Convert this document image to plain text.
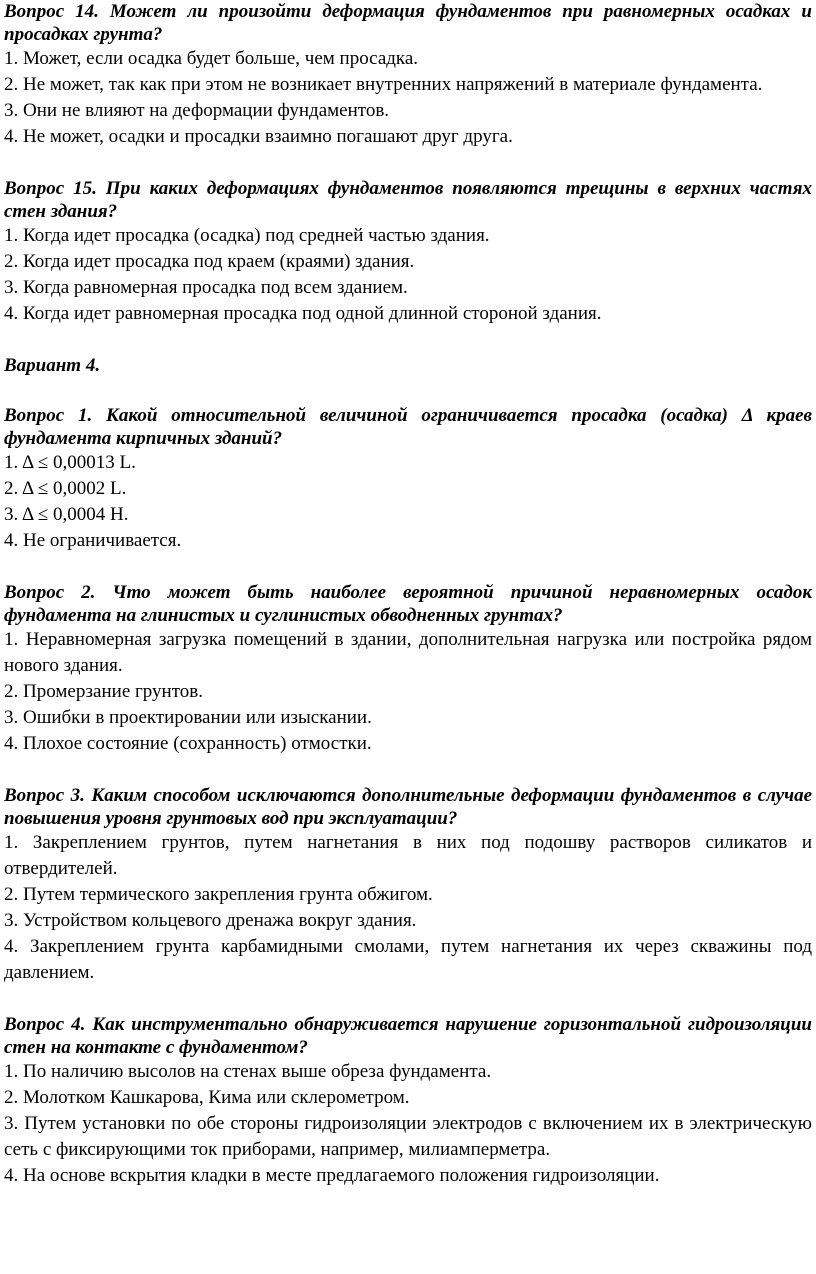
Вопрос 14. Может ли произойти деформация фундаментов при равномерных осадках и просадках грунта?

1. Может, если осадка будет больше, чем просадка.

2. Не может, так как при этом не возникает внутренних напряжений в материале фундамента.

3. Они не влияют на деформации фундаментов.

4. Не может, осадки и просадки взаимно погашают друг друга.

Вопрос 15. При каких деформациях фундаментов появляются трещины в верхних частях стен здания?

1. Когда идет просадка (осадка) под средней частью здания.

2. Когда идет просадка под краем (краями) здания.

3. Когда равномерная просадка под всем зданием.

4. Когда идет равномерная просадка под одной длинной стороной здания.

Вариант 4.

Вопрос 1. Какой относительной величиной ограничивается просадка (осадка) Δ краев фундамента кирпичных зданий?

1. Δ ≤ 0,00013 L.

2. Δ ≤ 0,0002 L.

3. Δ ≤ 0,0004 H.

4. Не ограничивается.

Вопрос 2. Что может быть наиболее вероятной причиной неравномерных осадок фундамента на глинистых и суглинистых обводненных грунтах?

1. Неравномерная загрузка помещений в здании, дополнительная нагрузка или постройка рядом нового здания.

2. Промерзание грунтов.

3. Ошибки в проектировании или изыскании.

4. Плохое состояние (сохранность) отмостки.

Вопрос 3. Каким способом исключаются дополнительные деформации фундаментов в случае повышения уровня грунтовых вод при эксплуатации?

1. Закреплением грунтов, путем нагнетания в них под подошву растворов силикатов и отвердителей.

2. Путем термического закрепления грунта обжигом.

3. Устройством кольцевого дренажа вокруг здания.

4. Закреплением грунта карбамидными смолами, путем нагнетания их через скважины под давлением.

Вопрос 4. Как инструментально обнаруживается нарушение горизонтальной гидроизоляции стен на контакте с фундаментом?

1. По наличию высолов на стенах выше обреза фундамента.

2. Молотком Кашкарова, Кима или склерометром.

3. Путем установки по обе стороны гидроизоляции электродов с включением их в электрическую сеть с фиксирующими ток приборами, например, милиамперметра.

4. На основе вскрытия кладки в месте предлагаемого положения гидроизоляции.
